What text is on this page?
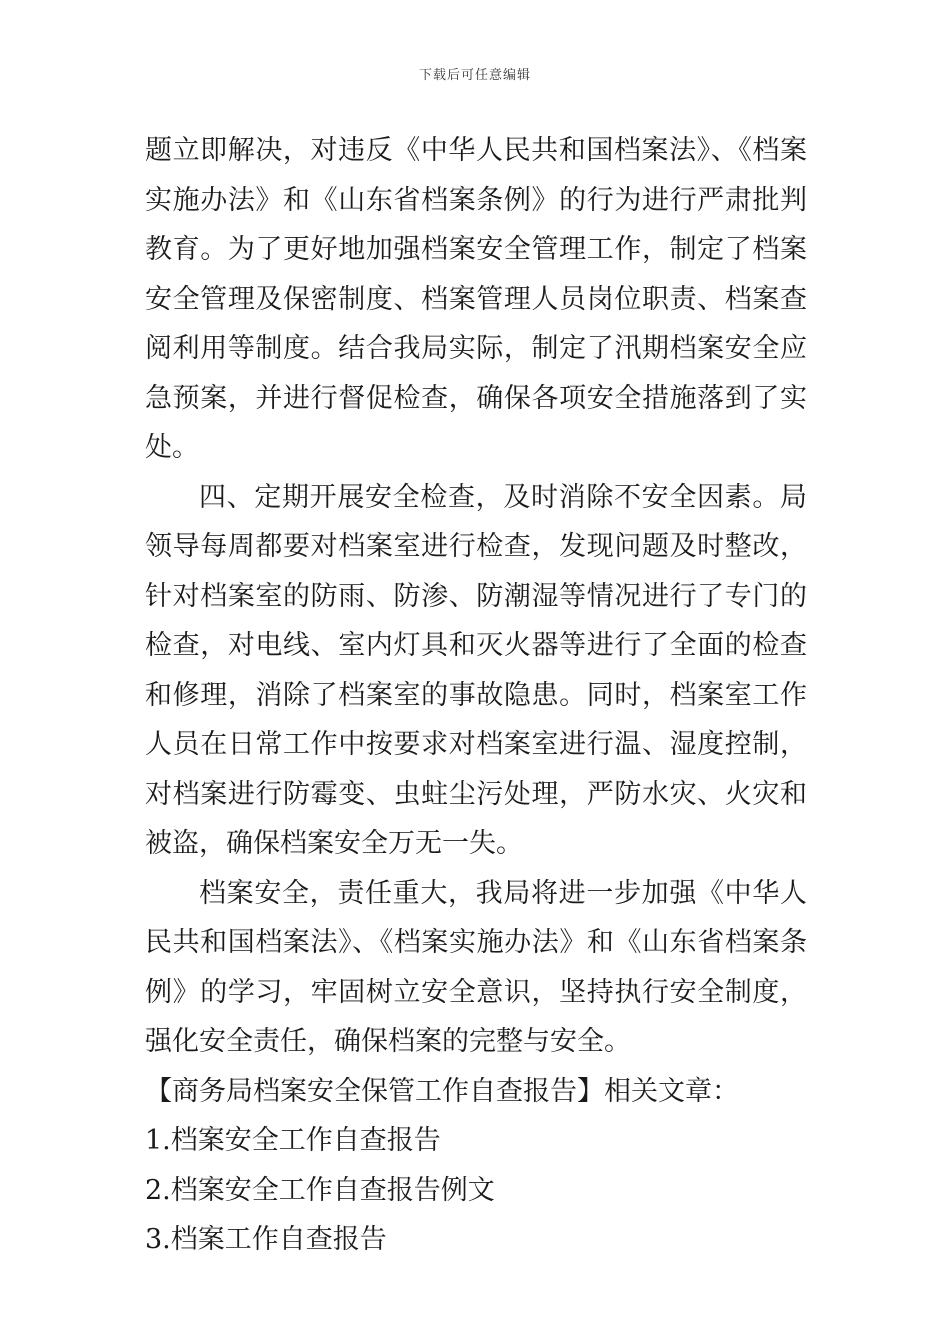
下载后可任意编辑

题立即解决，对违反《中华人民共和国档案法》、《档案实施办法》和《山东省档案条例》的行为进行严肃批判教育。为了更好地加强档案安全管理工作，制定了档案安全管理及保密制度、档案管理人员岗位职责、档案查阅利用等制度。结合我局实际，制定了汛期档案安全应急预案，并进行督促检查，确保各项安全措施落到了实处。

四、定期开展安全检查，及时消除不安全因素。局领导每周都要对档案室进行检查，发现问题及时整改，针对档案室的防雨、防渗、防潮湿等情况进行了专门的检查，对电线、室内灯具和灭火器等进行了全面的检查和修理，消除了档案室的事故隐患。同时，档案室工作人员在日常工作中按要求对档案室进行温、湿度控制，对档案进行防霉变、虫蛀尘污处理，严防水灾、火灾和被盗，确保档案安全万无一失。

档案安全，责任重大，我局将进一步加强《中华人民共和国档案法》、《档案实施办法》和《山东省档案条例》的学习，牢固树立安全意识，坚持执行安全制度，强化安全责任，确保档案的完整与安全。

【商务局档案安全保管工作自查报告】相关文章：

1.档案安全工作自查报告

2.档案安全工作自查报告例文

3.档案工作自查报告
